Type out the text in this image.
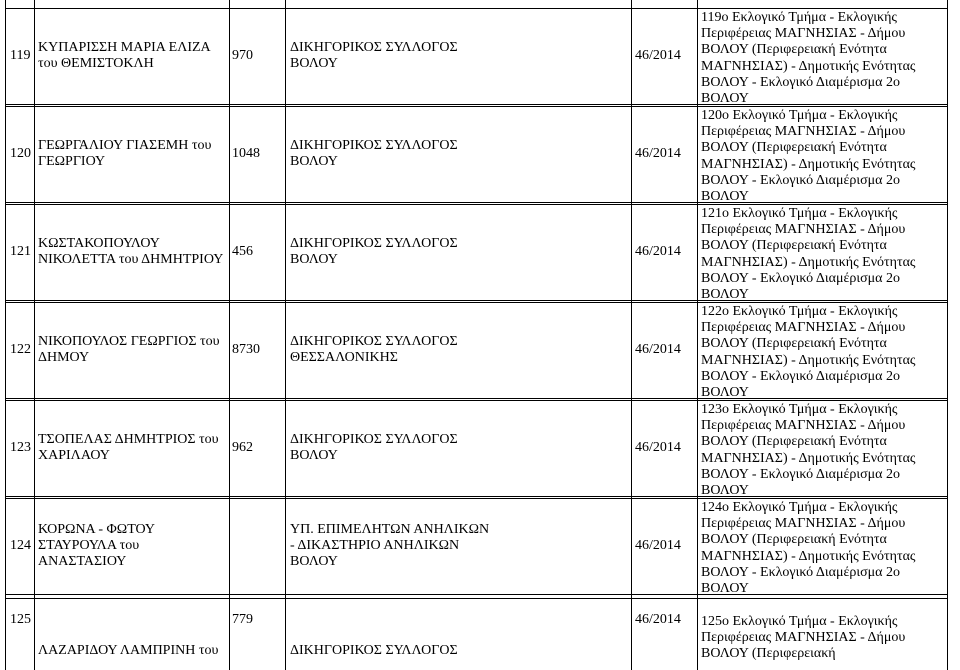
119
ΚΥΠΑΡΙΣΣΗ ΜΑΡΙΑ ΕΛΙΖΑ του ΘΕΜΙΣΤΟΚΛΗ
970
ΔΙΚΗΓΟΡΙΚΟΣ ΣΥΛΛΟΓΟΣ ΒΟΛΟΥ
46/2014
119ο Εκλογικό Τμήμα - Εκλογικής Περιφέρειας ΜΑΓΝΗΣΙΑΣ - Δήμου ΒΟΛΟΥ (Περιφερειακή Ενότητα ΜΑΓΝΗΣΙΑΣ) - Δημοτικής Ενότητας ΒΟΛΟΥ - Εκλογικό Διαμέρισμα 2ο ΒΟΛΟΥ
120
ΓΕΩΡΓΑΛΙΟΥ ΓΙΑΣΕΜΗ του ΓΕΩΡΓΙΟΥ
1048
ΔΙΚΗΓΟΡΙΚΟΣ ΣΥΛΛΟΓΟΣ ΒΟΛΟΥ
46/2014
120ο Εκλογικό Τμήμα - Εκλογικής Περιφέρειας ΜΑΓΝΗΣΙΑΣ - Δήμου ΒΟΛΟΥ (Περιφερειακή Ενότητα ΜΑΓΝΗΣΙΑΣ) - Δημοτικής Ενότητας ΒΟΛΟΥ - Εκλογικό Διαμέρισμα 2ο ΒΟΛΟΥ
121
ΚΩΣΤΑΚΟΠΟΥΛΟΥ ΝΙΚΟΛΕΤΤΑ του ΔΗΜΗΤΡΙΟΥ
456
ΔΙΚΗΓΟΡΙΚΟΣ ΣΥΛΛΟΓΟΣ ΒΟΛΟΥ
46/2014
121ο Εκλογικό Τμήμα - Εκλογικής Περιφέρειας ΜΑΓΝΗΣΙΑΣ - Δήμου ΒΟΛΟΥ (Περιφερειακή Ενότητα ΜΑΓΝΗΣΙΑΣ) - Δημοτικής Ενότητας ΒΟΛΟΥ - Εκλογικό Διαμέρισμα 2ο ΒΟΛΟΥ
122
ΝΙΚΟΠΟΥΛΟΣ ΓΕΩΡΓΙΟΣ του ΔΗΜΟΥ
8730
ΔΙΚΗΓΟΡΙΚΟΣ ΣΥΛΛΟΓΟΣ ΘΕΣΣΑΛΟΝΙΚΗΣ
46/2014
122ο Εκλογικό Τμήμα - Εκλογικής Περιφέρειας ΜΑΓΝΗΣΙΑΣ - Δήμου ΒΟΛΟΥ (Περιφερειακή Ενότητα ΜΑΓΝΗΣΙΑΣ) - Δημοτικής Ενότητας ΒΟΛΟΥ - Εκλογικό Διαμέρισμα 2ο ΒΟΛΟΥ
123
ΤΣΟΠΕΛΑΣ ΔΗΜΗΤΡΙΟΣ του ΧΑΡΙΛΑΟΥ
962
ΔΙΚΗΓΟΡΙΚΟΣ ΣΥΛΛΟΓΟΣ ΒΟΛΟΥ
46/2014
123ο Εκλογικό Τμήμα - Εκλογικής Περιφέρειας ΜΑΓΝΗΣΙΑΣ - Δήμου ΒΟΛΟΥ (Περιφερειακή Ενότητα ΜΑΓΝΗΣΙΑΣ) - Δημοτικής Ενότητας ΒΟΛΟΥ - Εκλογικό Διαμέρισμα 2ο ΒΟΛΟΥ
124
ΚΟΡΩΝΑ - ΦΩΤΟΥ ΣΤΑΥΡΟΥΛΑ του ΑΝΑΣΤΑΣΙΟΥ
ΥΠ. ΕΠΙΜΕΛΗΤΩΝ ΑΝΗΛΙΚΩΝ - ΔΙΚΑΣΤΗΡΙΟ ΑΝΗΛΙΚΩΝ ΒΟΛΟΥ
46/2014
124ο Εκλογικό Τμήμα - Εκλογικής Περιφέρειας ΜΑΓΝΗΣΙΑΣ - Δήμου ΒΟΛΟΥ (Περιφερειακή Ενότητα ΜΑΓΝΗΣΙΑΣ) - Δημοτικής Ενότητας ΒΟΛΟΥ - Εκλογικό Διαμέρισμα 2ο ΒΟΛΟΥ
125
ΛΑΖΑΡΙΔΟΥ ΛΑΜΠΡΙΝΗ του
779
ΔΙΚΗΓΟΡΙΚΟΣ ΣΥΛΛΟΓΟΣ
46/2014	125ο Εκλογικό Τμήμα - Εκλογικής Περιφέρειας ΜΑΓΝΗΣΙΑΣ - Δήμου ΒΟΛΟΥ (Περιφερειακή
